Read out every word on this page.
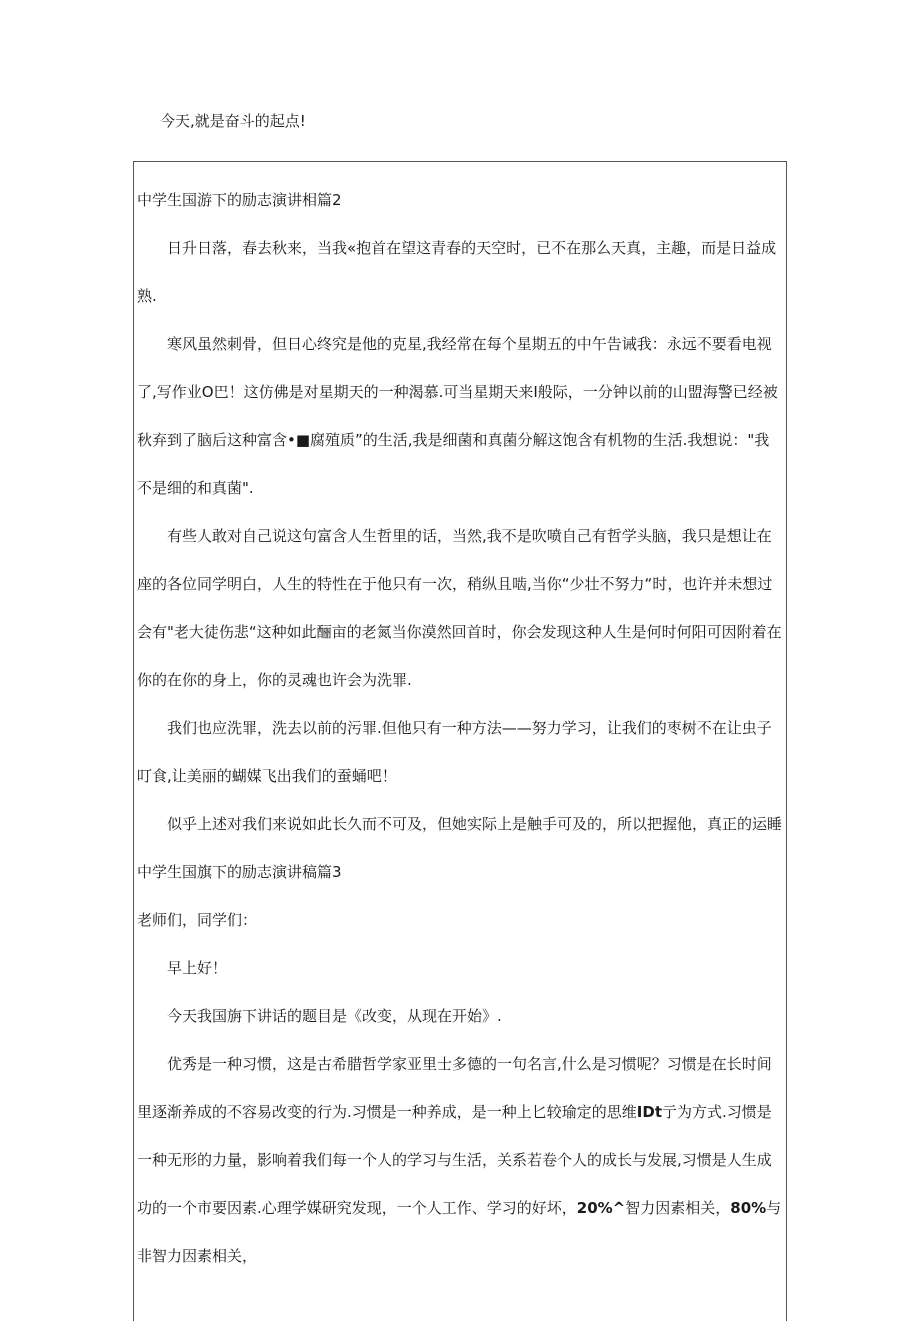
今天,就是奋斗的起点!

中学生国游下的励志演讲相篇2

日升日落，春去秋来，当我«抱首在望这青春的天空时，已不在那么天真，主趣，而是日益成熟.

寒风虽然刺骨，但日心终究是他的克星,我经常在每个星期五的中午告诫我：永远不要看电视了,写作业O巴！这仿佛是对星期天的一种渴慕.可当星期天来I般际，一分钟以前的山盟海警已经被秋弃到了脑后这种富含•■腐殖质”的生活,我是细菌和真菌分解这饱含有机物的生活.我想说："我不是细的和真菌".

有些人敢对自己说这句富含人生哲里的话，当然,我不是吹喷自己有哲学头脑，我只是想让在座的各位同学明白，人生的特性在于他只有一次，稍纵且啮,当你“少壮不努力“时，也许并未想过会有"老大徒伤悲“这种如此酾亩的老氮当你漠然回首时，你会发现这种人生是何时何阳可因附着在你的在你的身上，你的灵魂也许会为洗罪.

我们也应洗罪，洗去以前的污罪.但他只有一种方法——努力学习，让我们的枣树不在让虫子叮食,让美丽的蝴媒飞出我们的蚕蛹吧！

似乎上述对我们来说如此长久而不可及，但她实际上是触手可及的，所以把握他，真正的运睡

中学生国旗下的励志演讲稿篇3

老师们，同学们：

早上好！

今天我国旃下讲话的题目是《改变，从现在开始》.

优秀是一种习惯，这是古希腊哲学家亚里士多德的一句名言,什么是习惯呢？习惯是在长时间里逐渐养成的不容易改变的行为.习惯是一种养成，是一种上匕较瑜定的思维IDt亍为方式.习惯是一种无形的力量，影响着我们每一个人的学习与生活，关系若卷个人的成长与发展,习惯是人生成功的一个市要因素.心理学媒研究发现，一个人工作、学习的好坏，20%^智力因素相关，80%与非智力因素相关，
